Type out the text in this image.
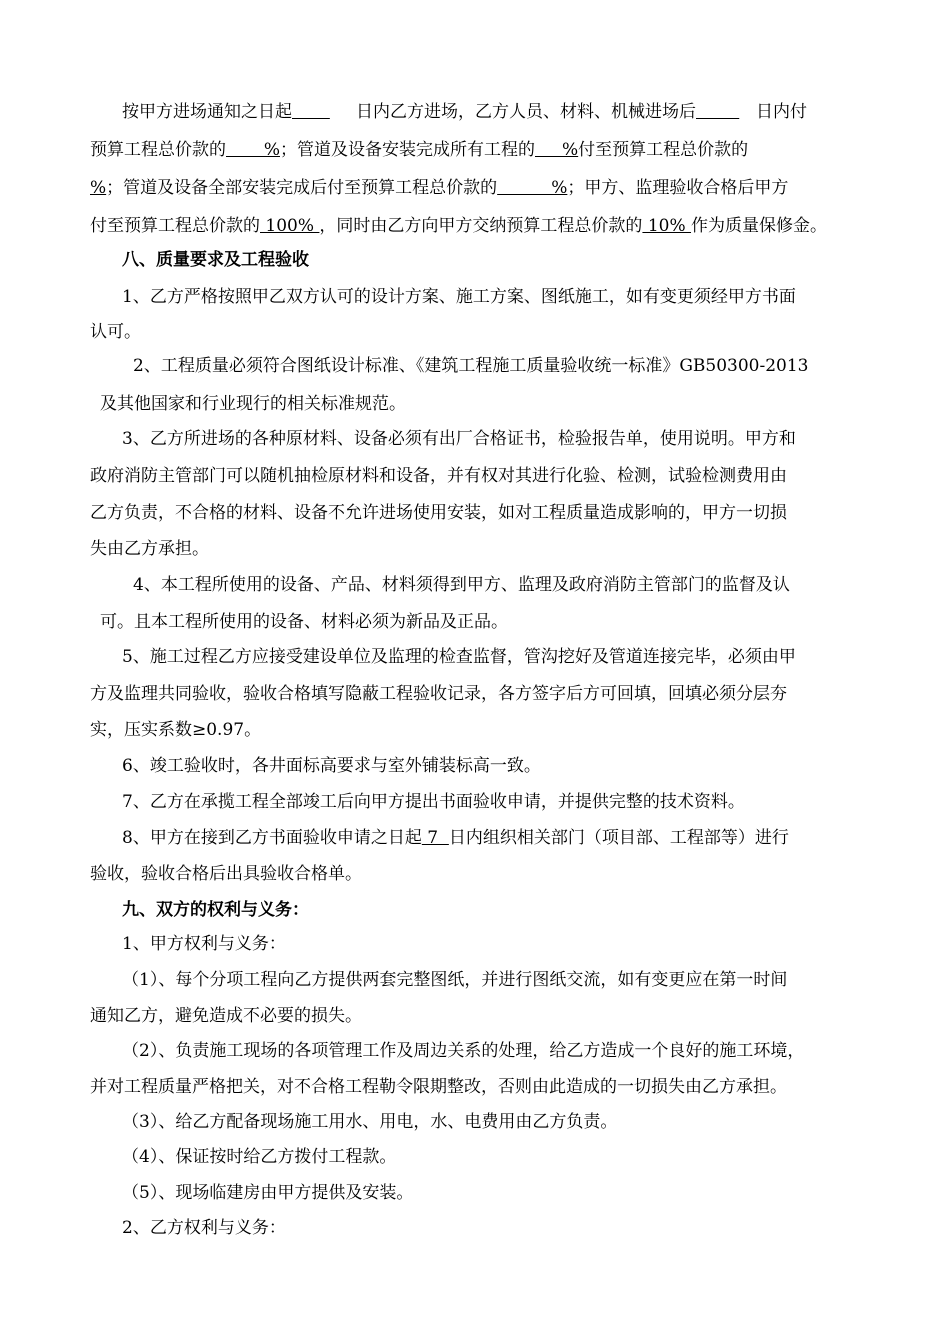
按甲方进场通知之日起	日内乙方进场，乙方人员、材料、机械进场后	日内付
预算工程总价款的       %；管道及设备安装完成所有工程的     %付至预算工程总价款的
%；管道及设备全部安装完成后付至预算工程总价款的          %；甲方、监理验收合格后甲方
付至预算工程总价款的 100% ，同时由乙方向甲方交纳预算工程总价款的 10% 作为质量保修金。
八、质量要求及工程验收
1、乙方严格按照甲乙双方认可的设计方案、施工方案、图纸施工，如有变更须经甲方书面
认可。
2、工程质量必须符合图纸设计标准、《建筑工程施工质量验收统一标准》GB50300-2013
及其他国家和行业现行的相关标准规范。
3、乙方所进场的各种原材料、设备必须有出厂合格证书，检验报告单，使用说明。甲方和
政府消防主管部门可以随机抽检原材料和设备，并有权对其进行化验、检测，试验检测费用由
乙方负责，不合格的材料、设备不允许进场使用安装，如对工程质量造成影响的，甲方一切损
失由乙方承担。
4、本工程所使用的设备、产品、材料须得到甲方、监理及政府消防主管部门的监督及认
可。且本工程所使用的设备、材料必须为新品及正品。
5、施工过程乙方应接受建设单位及监理的检查监督，管沟挖好及管道连接完毕，必须由甲
方及监理共同验收，验收合格填写隐蔽工程验收记录，各方签字后方可回填，回填必须分层夯
实，压实系数≥0.97。
6、竣工验收时，各井面标高要求与室外铺装标高一致。
7、乙方在承揽工程全部竣工后向甲方提出书面验收申请，并提供完整的技术资料。
8、甲方在接到乙方书面验收申请之日起 7  日内组织相关部门（项目部、工程部等）进行
验收，验收合格后出具验收合格单。
九、双方的权利与义务：
1、甲方权利与义务：
（1）、每个分项工程向乙方提供两套完整图纸，并进行图纸交流，如有变更应在第一时间
通知乙方，避免造成不必要的损失。
（2）、负责施工现场的各项管理工作及周边关系的处理，给乙方造成一个良好的施工环境，
并对工程质量严格把关，对不合格工程勒令限期整改，否则由此造成的一切损失由乙方承担。
（3）、给乙方配备现场施工用水、用电，水、电费用由乙方负责。
（4）、保证按时给乙方拨付工程款。
（5）、现场临建房由甲方提供及安装。
2、乙方权利与义务：
